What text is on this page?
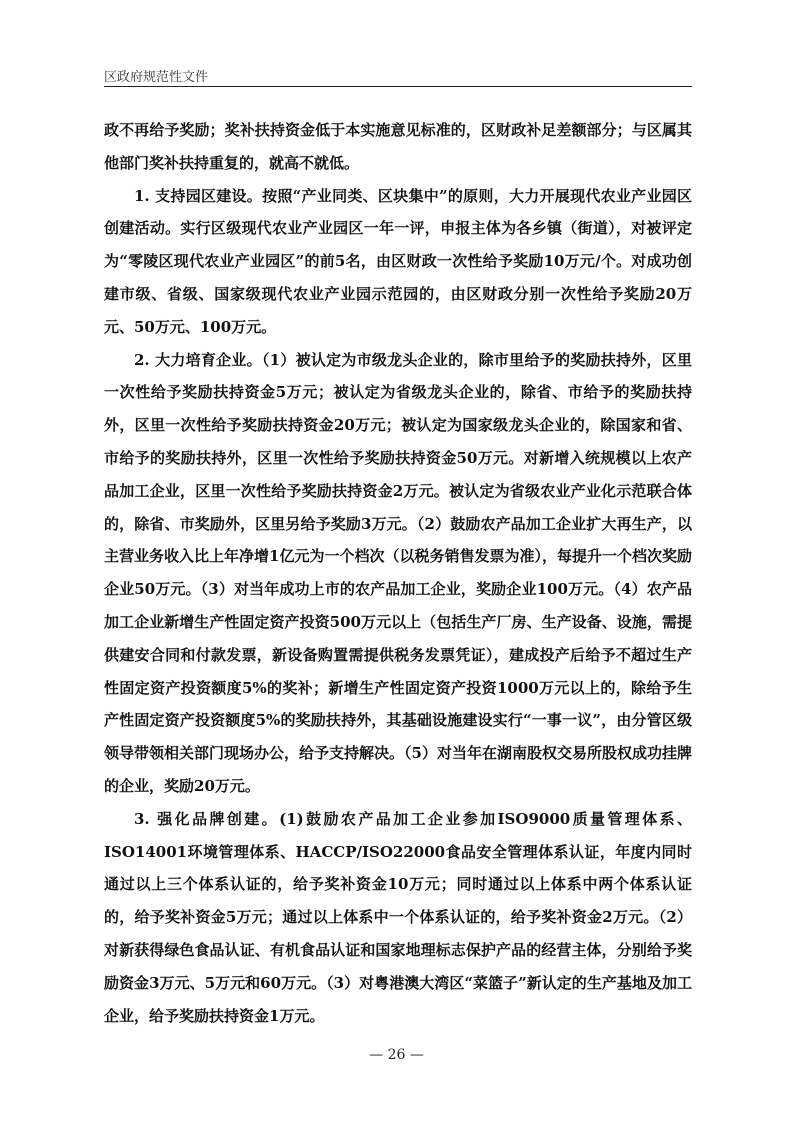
区政府规范性文件

政不再给予奖励；奖补扶持资金低于本实施意见标准的，区财政补足差额部分；与区属其他部门奖补扶持重复的，就高不就低。

1. 支持园区建设。按照“产业同类、区块集中”的原则，大力开展现代农业产业园区创建活动。实行区级现代农业产业园区一年一评，申报主体为各乡镇（街道），对被评定为“零陵区现代农业产业园区”的前5名，由区财政一次性给予奖励10万元/个。对成功创建市级、省级、国家级现代农业产业园示范园的，由区财政分别一次性给予奖励20万元、50万元、100万元。

2. 大力培育企业。（1）被认定为市级龙头企业的，除市里给予的奖励扶持外，区里一次性给予奖励扶持资金5万元；被认定为省级龙头企业的，除省、市给予的奖励扶持外，区里一次性给予奖励扶持资金20万元；被认定为国家级龙头企业的，除国家和省、市给予的奖励扶持外，区里一次性给予奖励扶持资金50万元。对新增入统规模以上农产品加工企业，区里一次性给予奖励扶持资金2万元。被认定为省级农业产业化示范联合体的，除省、市奖励外，区里另给予奖励3万元。（2）鼓励农产品加工企业扩大再生产，以主营业务收入比上年净增1亿元为一个档次（以税务销售发票为准），每提升一个档次奖励企业50万元。（3）对当年成功上市的农产品加工企业，奖励企业100万元。（4）农产品加工企业新增生产性固定资产投资500万元以上（包括生产厂房、生产设备、设施，需提供建安合同和付款发票，新设备购置需提供税务发票凭证），建成投产后给予不超过生产性固定资产投资额度5%的奖补；新增生产性固定资产投资1000万元以上的，除给予生产性固定资产投资额度5%的奖励扶持外，其基础设施建设实行“一事一议”，由分管区级领导带领相关部门现场办公，给予支持解决。（5）对当年在湖南股权交易所股权成功挂牌的企业，奖励20万元。

3. 强化品牌创建。(1)鼓励农产品加工企业参加ISO9000质量管理体系、ISO14001环境管理体系、HACCP/ISO22000食品安全管理体系认证，年度内同时通过以上三个体系认证的，给予奖补资金10万元；同时通过以上体系中两个体系认证的，给予奖补资金5万元；通过以上体系中一个体系认证的，给予奖补资金2万元。（2）对新获得绿色食品认证、有机食品认证和国家地理标志保护产品的经营主体，分别给予奖励资金3万元、5万元和60万元。（3）对粤港澳大湾区“菜篮子”新认定的生产基地及加工企业，给予奖励扶持资金1万元。

— 26 —
